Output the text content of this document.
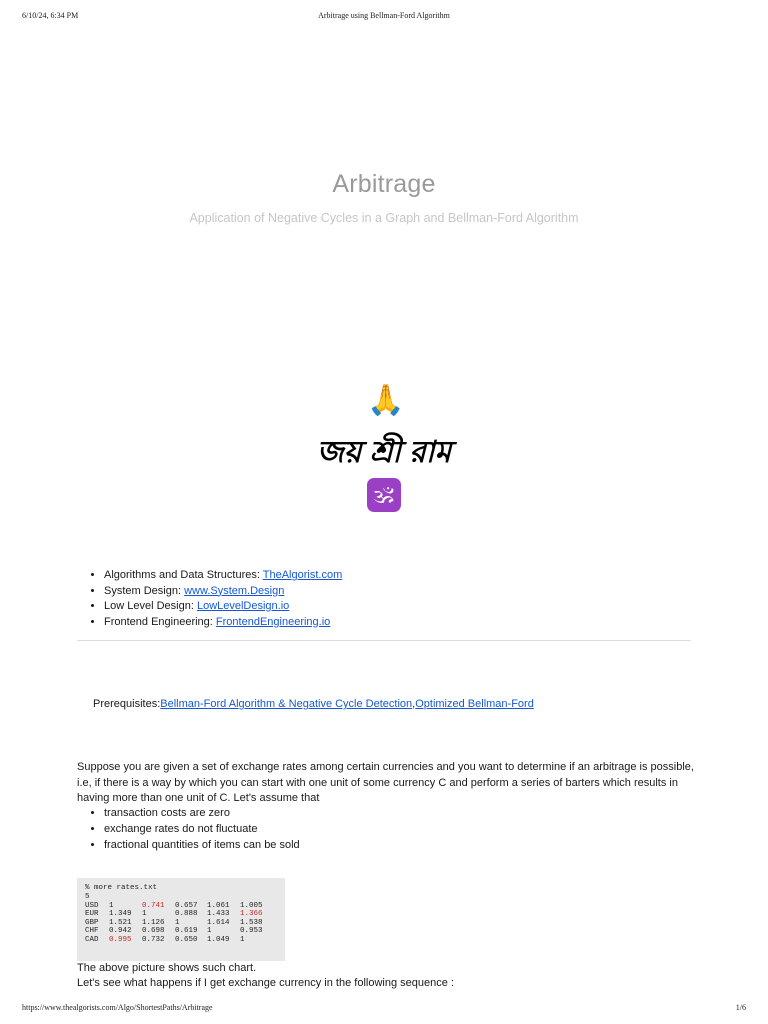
6/10/24, 6:34 PM	Arbitrage using Bellman-Ford Algorithm
Arbitrage
Application of Negative Cycles in a Graph and Bellman-Ford Algorithm
🙏
জয় শ্রী রাম
🕉
• Algorithms and Data Structures: TheAlgorist.com
• System Design: www.System.Design
• Low Level Design: LowLevelDesign.io
• Frontend Engineering: FrontendEngineering.io
Prerequisites:Bellman-Ford Algorithm & Negative Cycle Detection,Optimized Bellman-Ford

Suppose you are given a set of exchange rates among certain currencies and you want to determine if an arbitrage is possible, i.e, if there is a way by which you can start with one unit of some currency C and perform a series of barters which results in having more than one unit of C. Let's assume that

• transaction costs are zero
• exchange rates do not fluctuate
• fractional quantities of items can be sold
% more rates.txt
5
USD 1	0.741 0.657 1.061 1.005
EUR 1.349 1	0.888 1.433 1.366
GBP 1.521 1.126 1	1.614 1.538
CHF 0.942 0.698 0.619 1	0.953
CAD 0.995 0.732 0.650 1.049 1
The above picture shows such chart.
Let's see what happens if I get exchange currency in the following sequence :
https://www.thealgorists.com/Algo/ShortestPaths/Arbitrage	1/6
